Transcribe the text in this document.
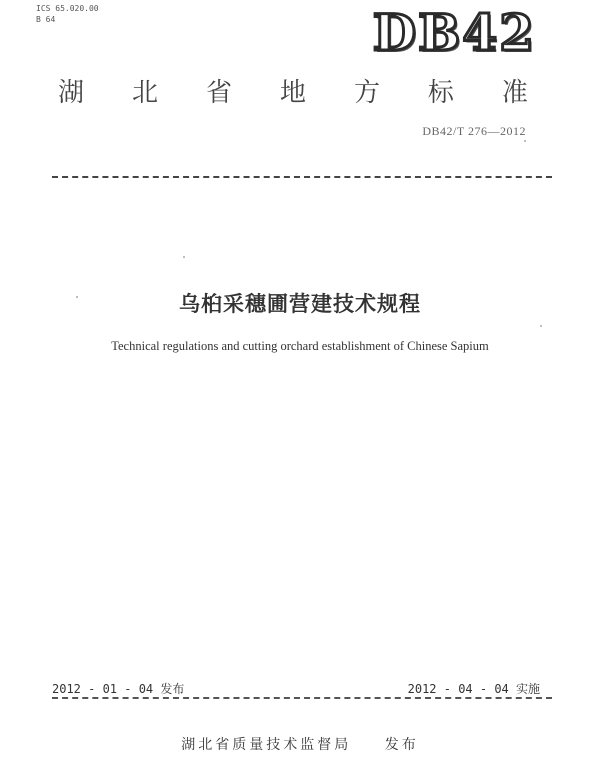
ICS 65.020.00
B 64	DB42
湖 北 省 地 方 标 准
DB42/T 276—2012
乌桕采穗圃营建技术规程
Technical regulations and cutting orchard establishment of Chinese Sapium
2012 - 01 - 04 发布	2012 - 04 - 04 实施
湖北省质量技术监督局 发布
